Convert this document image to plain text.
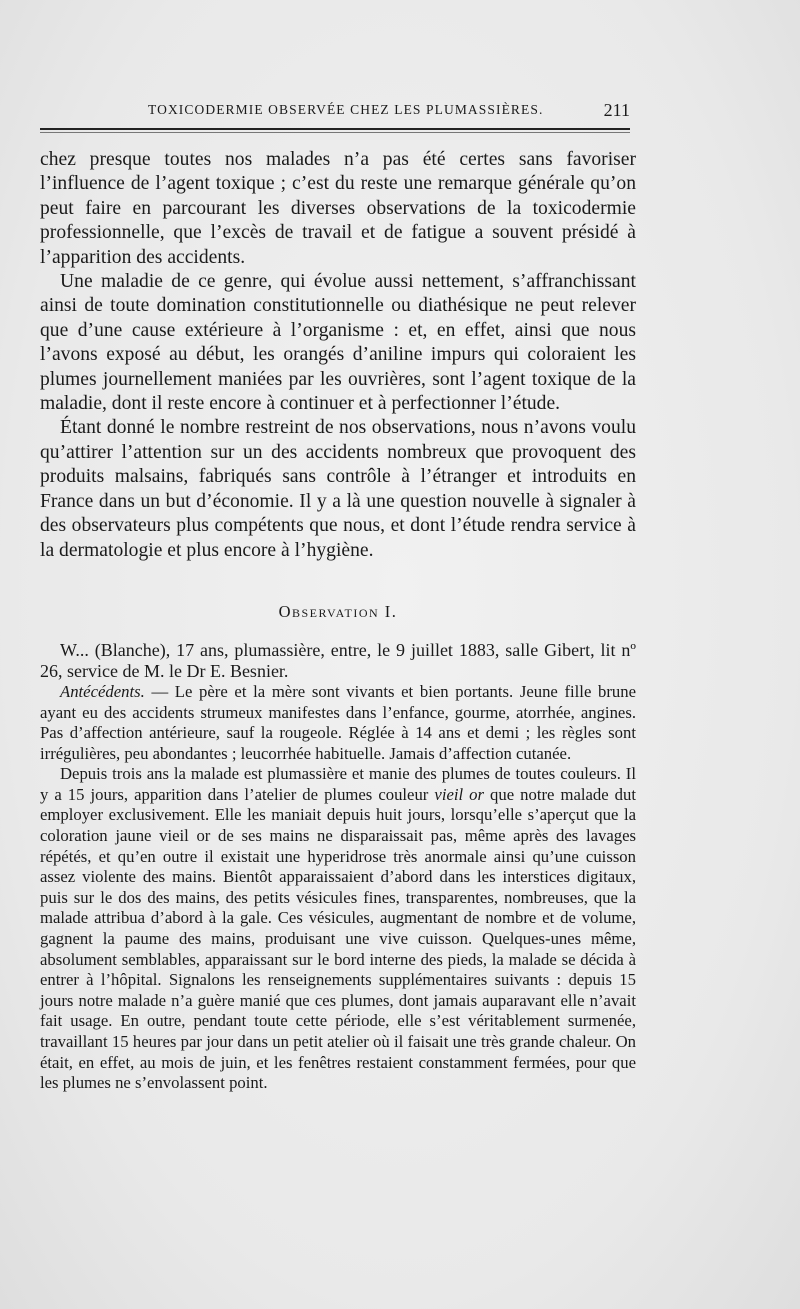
TOXICODERMIE OBSERVÉE CHEZ LES PLUMASSIÈRES.	211

chez presque toutes nos malades n’a pas été certes sans favoriser l’influence de l’agent toxique ; c’est du reste une remarque générale qu’on peut faire en parcourant les diverses observations de la toxicodermie professionnelle, que l’excès de travail et de fatigue a souvent présidé à l’apparition des accidents.

Une maladie de ce genre, qui évolue aussi nettement, s’affranchissant ainsi de toute domination constitutionnelle ou diathésique ne peut relever que d’une cause extérieure à l’organisme : et, en effet, ainsi que nous l’avons exposé au début, les orangés d’aniline impurs qui coloraient les plumes journellement maniées par les ouvrières, sont l’agent toxique de la maladie, dont il reste encore à continuer et à perfectionner l’étude.

Étant donné le nombre restreint de nos observations, nous n’avons voulu qu’attirer l’attention sur un des accidents nombreux que provoquent des produits malsains, fabriqués sans contrôle à l’étranger et introduits en France dans un but d’économie. Il y a là une question nouvelle à signaler à des observateurs plus compétents que nous, et dont l’étude rendra service à la dermatologie et plus encore à l’hygiène.

Observation I.

W... (Blanche), 17 ans, plumassière, entre, le 9 juillet 1883, salle Gibert, lit nº 26, service de M. le Dr E. Besnier.

Antécédents. — Le père et la mère sont vivants et bien portants. Jeune fille brune ayant eu des accidents strumeux manifestes dans l’enfance, gourme, atorrhée, angines. Pas d’affection antérieure, sauf la rougeole. Réglée à 14 ans et demi ; les règles sont irrégulières, peu abondantes ; leucorrhée habituelle. Jamais d’affection cutanée.

Depuis trois ans la malade est plumassière et manie des plumes de toutes couleurs. Il y a 15 jours, apparition dans l’atelier de plumes couleur vieil or que notre malade dut employer exclusivement. Elle les maniait depuis huit jours, lorsqu’elle s’aperçut que la coloration jaune vieil or de ses mains ne disparaissait pas, même après des lavages répétés, et qu’en outre il existait une hyperidrose très anormale ainsi qu’une cuisson assez violente des mains. Bientôt apparaissaient d’abord dans les interstices digitaux, puis sur le dos des mains, des petits vésicules fines, transparentes, nombreuses, que la malade attribua d’abord à la gale. Ces vésicules, augmentant de nombre et de volume, gagnent la paume des mains, produisant une vive cuisson. Quelques-unes même, absolument semblables, apparaissant sur le bord interne des pieds, la malade se décida à entrer à l’hôpital. Signalons les renseignements supplémentaires suivants : depuis 15 jours notre malade n’a guère manié que ces plumes, dont jamais auparavant elle n’avait fait usage. En outre, pendant toute cette période, elle s’est véritablement surmenée, travaillant 15 heures par jour dans un petit atelier où il faisait une très grande chaleur. On était, en effet, au mois de juin, et les fenêtres restaient constamment fermées, pour que les plumes ne s’envolassent point.
